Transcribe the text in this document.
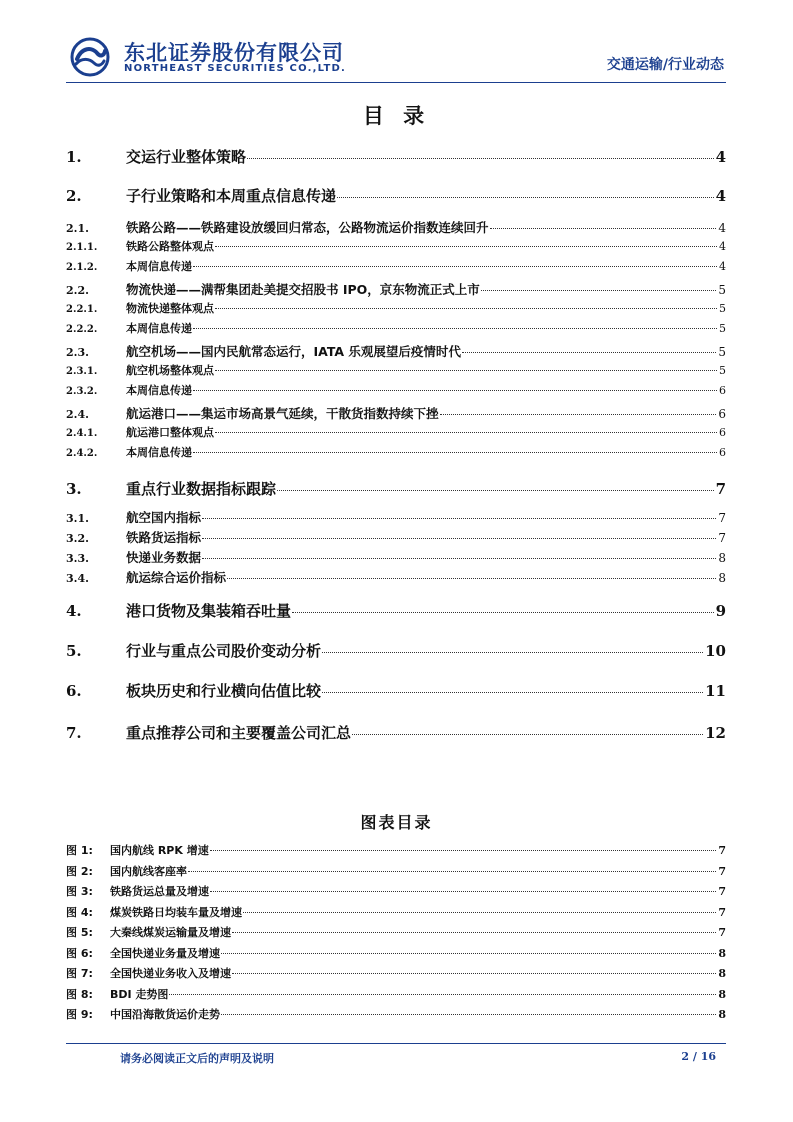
东北证券股份有限公司
NORTHEAST SECURITIES CO.,LTD.	交通运输/行业动态
目 录
1.	交运行业整体策略	4
2.	子行业策略和本周重点信息传递	4
2.1.	铁路公路——铁路建设放缓回归常态，公路物流运价指数连续回升	4
2.1.1.	铁路公路整体观点	4
2.1.2.	本周信息传递	4
2.2.	物流快递——满帮集团赴美提交招股书 IPO，京东物流正式上市	5
2.2.1.	物流快递整体观点	5
2.2.2.	本周信息传递	5
2.3.	航空机场——国内民航常态运行，IATA 乐观展望后疫情时代	5
2.3.1.	航空机场整体观点	5
2.3.2.	本周信息传递	6
2.4.	航运港口——集运市场高景气延续，干散货指数持续下挫	6
2.4.1.	航运港口整体观点	6
2.4.2.	本周信息传递	6
3.	重点行业数据指标跟踪	7
3.1.	航空国内指标	7
3.2.	铁路货运指标	7
3.3.	快递业务数据	8
3.4.	航运综合运价指标	8
4.	港口货物及集装箱吞吐量	9
5.	行业与重点公司股价变动分析	10
6.	板块历史和行业横向估值比较	11
7.	重点推荐公司和主要覆盖公司汇总	12
图表目录
图 1:	国内航线 RPK 增速	7
图 2:	国内航线客座率	7
图 3:	铁路货运总量及增速	7
图 4:	煤炭铁路日均装车量及增速	7
图 5:	大秦线煤炭运输量及增速	7
图 6:	全国快递业务量及增速	8
图 7:	全国快递业务收入及增速	8
图 8:	BDI 走势图	8
图 9:	中国沿海散货运价走势	8
请务必阅读正文后的声明及说明	2 / 16
